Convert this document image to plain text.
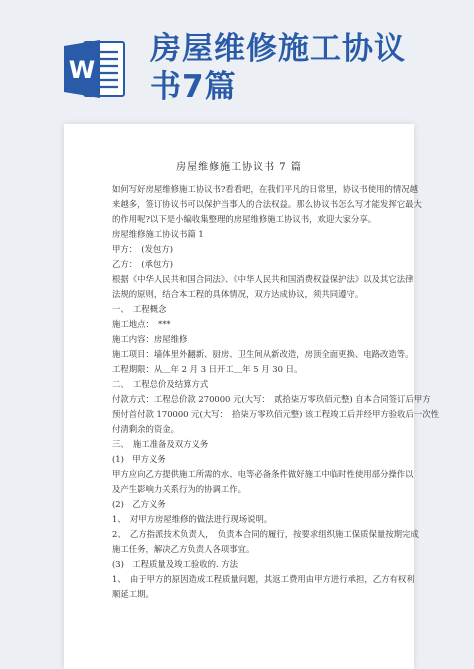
W
房屋维修施工协议
书7篇
房屋维修施工协议书 7 篇

如何写好房屋维修施工协议书?看看吧，在我们平凡的日常里，协议书使用的情况越

来越多，签订协议书可以保护当事人的合法权益。那么协议书怎么写才能发挥它最大

的作用呢?以下是小编收集整理的房屋维修施工协议书，欢迎大家分享。

房屋维修施工协议书篇 1

甲方：　(发包方)

乙方：　(承包方)

根据《中华人民共和国合同法》、《中华人民共和国消费权益保护法》以及其它法律

法规的原则，结合本工程的具体情况，双方达成协议，须共同遵守。

一、　工程概念

施工地点：　***

施工内容：房屋维修

施工项目：墙体里外翻新、厨房、卫生间从新改造，房顶全面更换、电路改造等。

工程期限：从＿年 2 月 3 日开工＿年 5 月 30 日。

二、　工程总价及结算方式

付款方式：工程总价款 270000 元(大写：　贰拾柒万零玖佰元整) 自本合同签订后甲方

预付首付款 170000 元(大写：　拾柒万零玖佰元整) 该工程竣工后并经甲方验收后一次性

付清剩余的资金。

三、　施工准备及双方义务

(1)　甲方义务

甲方应向乙方提供施工所需的水、电等必备条件做好施工中临时性使用部分操作以

及产生影响力关系行为的协调工作。

(2)　乙方义务

1、　对甲方房屋维修的做法进行现场说明。

2、　乙方指派技术负责人，　负责本合同的履行，按要求组织施工保质保量按期完成

施工任务，解决乙方负责人各项事宜。

(3)　工程质量及竣工验收的. 方法

1、　由于甲方的原因造成工程质量问题，其返工费用由甲方进行承担，乙方有权利

顺延工期。
